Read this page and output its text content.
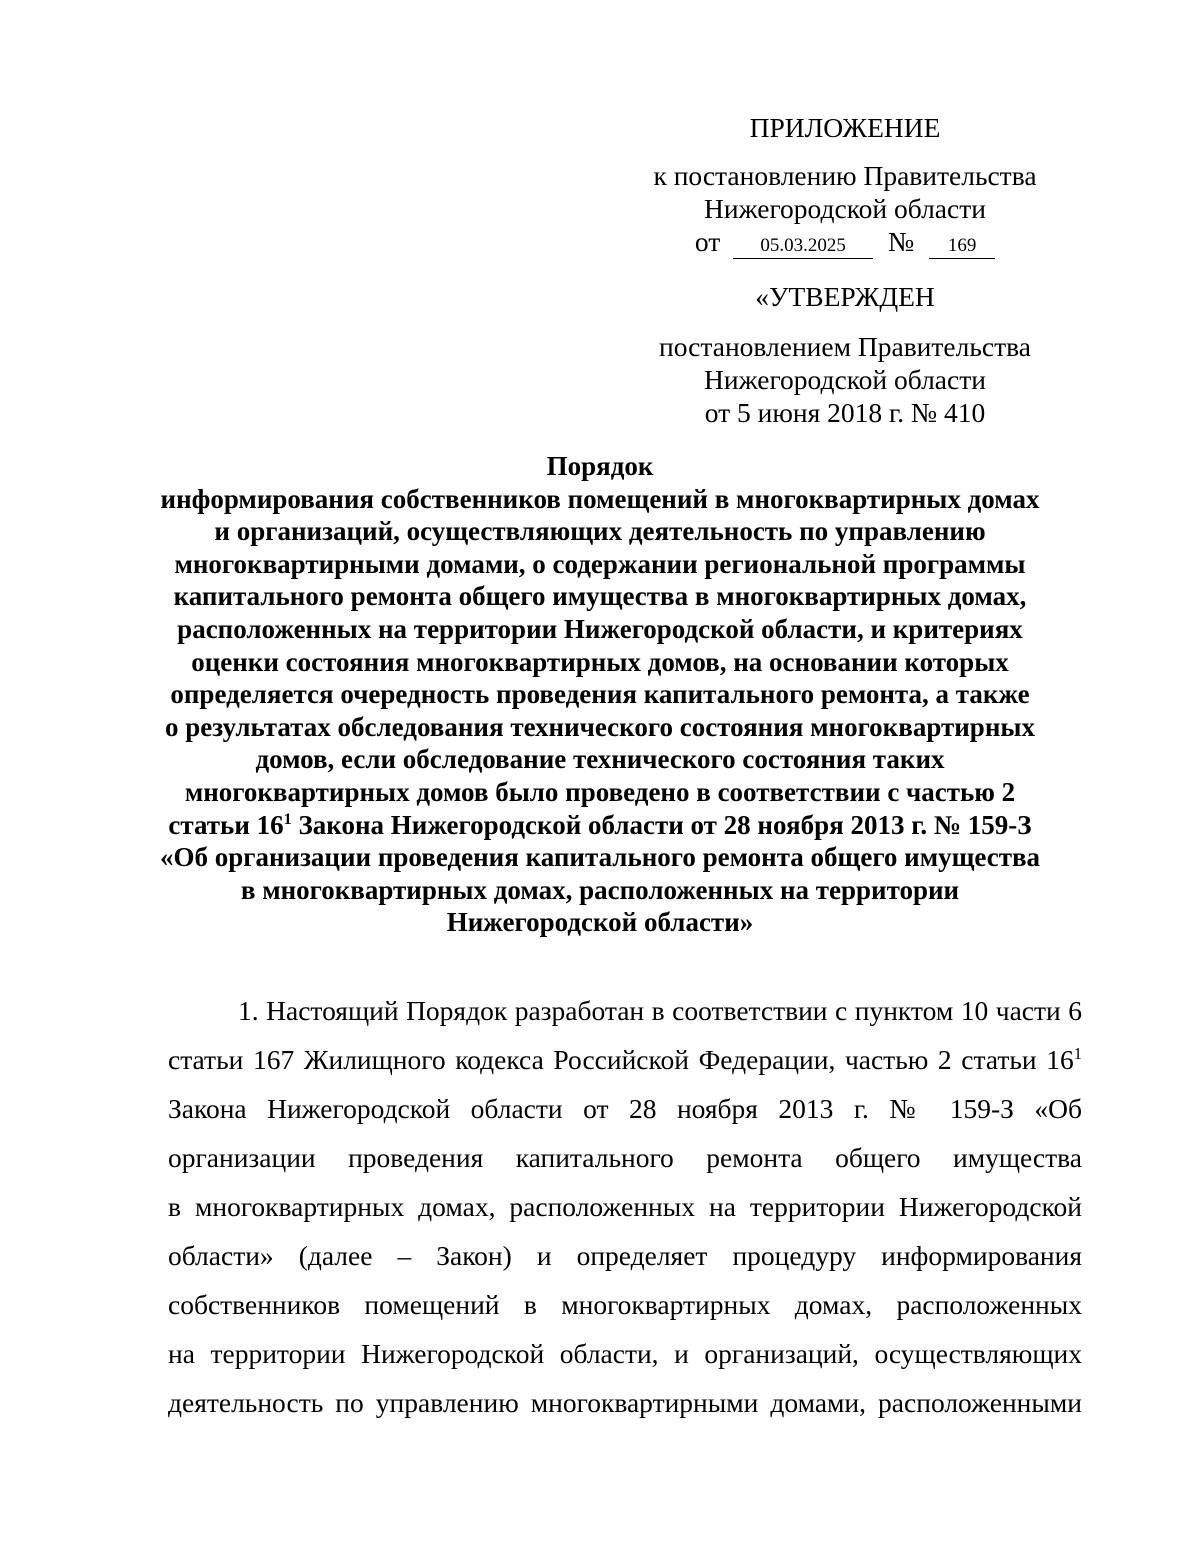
ПРИЛОЖЕНИЕ
к постановлению Правительства
Нижегородской области
от 05.03.2025 № 169
«УТВЕРЖДЕН
постановлением Правительства
Нижегородской области
от 5 июня 2018 г. № 410
Порядок
информирования собственников помещений в многоквартирных домах
и организаций, осуществляющих деятельность по управлению
многоквартирными домами, о содержании региональной программы
капитального ремонта общего имущества в многоквартирных домах,
расположенных на территории Нижегородской области, и критериях
оценки состояния многоквартирных домов, на основании которых
определяется очередность проведения капитального ремонта, а также
о результатах обследования технического состояния многоквартирных
домов, если обследование технического состояния таких
многоквартирных домов было проведено в соответствии с частью 2
статьи $16^1$ Закона Нижегородской области от 28 ноября 2013 г. № 159-З
«Об организации проведения капитального ремонта общего имущества
в многоквартирных домах, расположенных на территории
Нижегородской области»
1. Настоящий Порядок разработан в соответствии с пунктом 10 части 6
статьи 167 Жилищного кодекса Российской Федерации, частью 2 статьи $16^1$
Закона Нижегородской области от 28 ноября 2013 г. № 159-З «Об
организации проведения капитального ремонта общего имущества
в многоквартирных домах, расположенных на территории Нижегородской
области» (далее – Закон) и определяет процедуру информирования
собственников помещений в многоквартирных домах, расположенных
на территории Нижегородской области, и организаций, осуществляющих
деятельность по управлению многоквартирными домами, расположенными
